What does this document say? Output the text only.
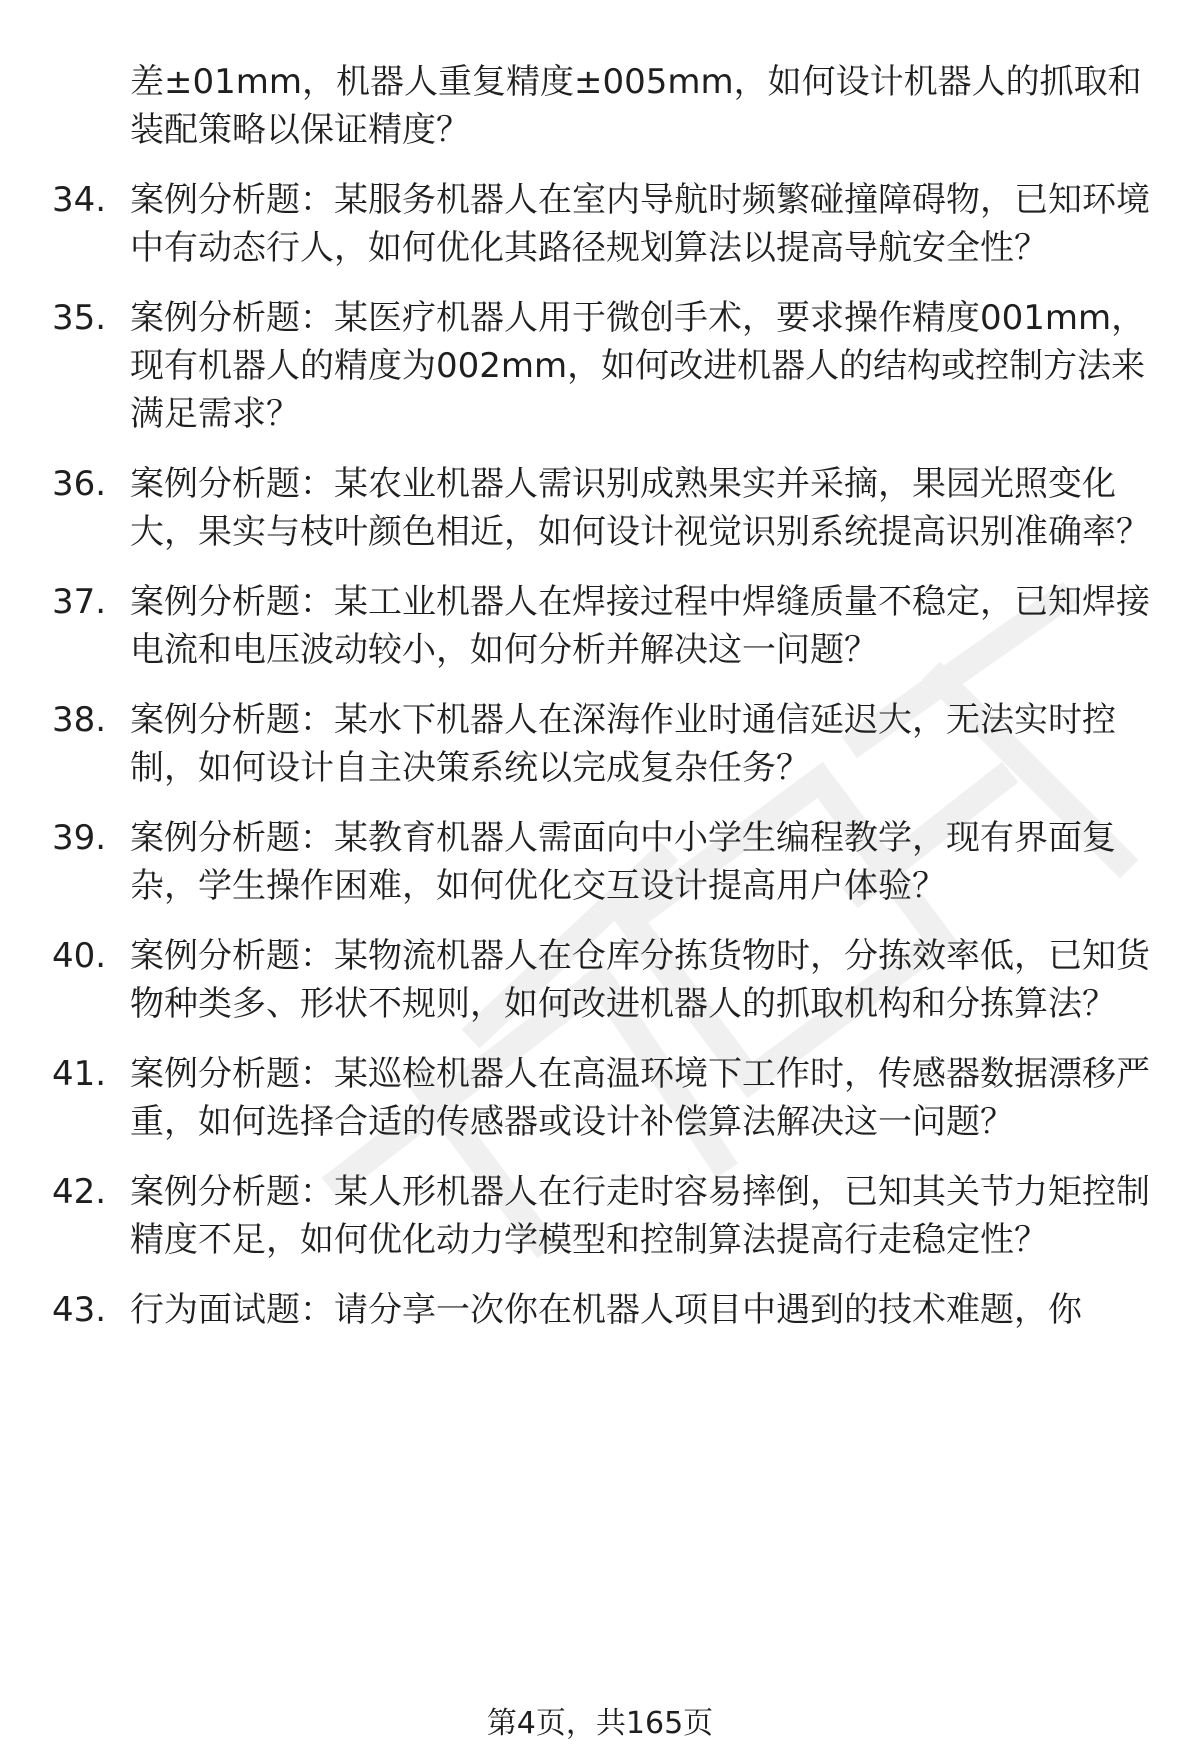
差±01mm，机器人重复精度±005mm，如何设计机器人的抓取和装配策略以保证精度？
34. 案例分析题：某服务机器人在室内导航时频繁碰撞障碍物，已知环境中有动态行人，如何优化其路径规划算法以提高导航安全性？
35. 案例分析题：某医疗机器人用于微创手术，要求操作精度001mm，现有机器人的精度为002mm，如何改进机器人的结构或控制方法来满足需求？
36. 案例分析题：某农业机器人需识别成熟果实并采摘，果园光照变化大，果实与枝叶颜色相近，如何设计视觉识别系统提高识别准确率？
37. 案例分析题：某工业机器人在焊接过程中焊缝质量不稳定，已知焊接电流和电压波动较小，如何分析并解决这一问题？
38. 案例分析题：某水下机器人在深海作业时通信延迟大，无法实时控制，如何设计自主决策系统以完成复杂任务？
39. 案例分析题：某教育机器人需面向中小学生编程教学，现有界面复杂，学生操作困难，如何优化交互设计提高用户体验？
40. 案例分析题：某物流机器人在仓库分拣货物时，分拣效率低，已知货物种类多、形状不规则，如何改进机器人的抓取机构和分拣算法？
41. 案例分析题：某巡检机器人在高温环境下工作时，传感器数据漂移严重，如何选择合适的传感器或设计补偿算法解决这一问题？
42. 案例分析题：某人形机器人在行走时容易摔倒，已知其关节力矩控制精度不足，如何优化动力学模型和控制算法提高行走稳定性？
43. 行为面试题：请分享一次你在机器人项目中遇到的技术难题，你
第4页，共165页
